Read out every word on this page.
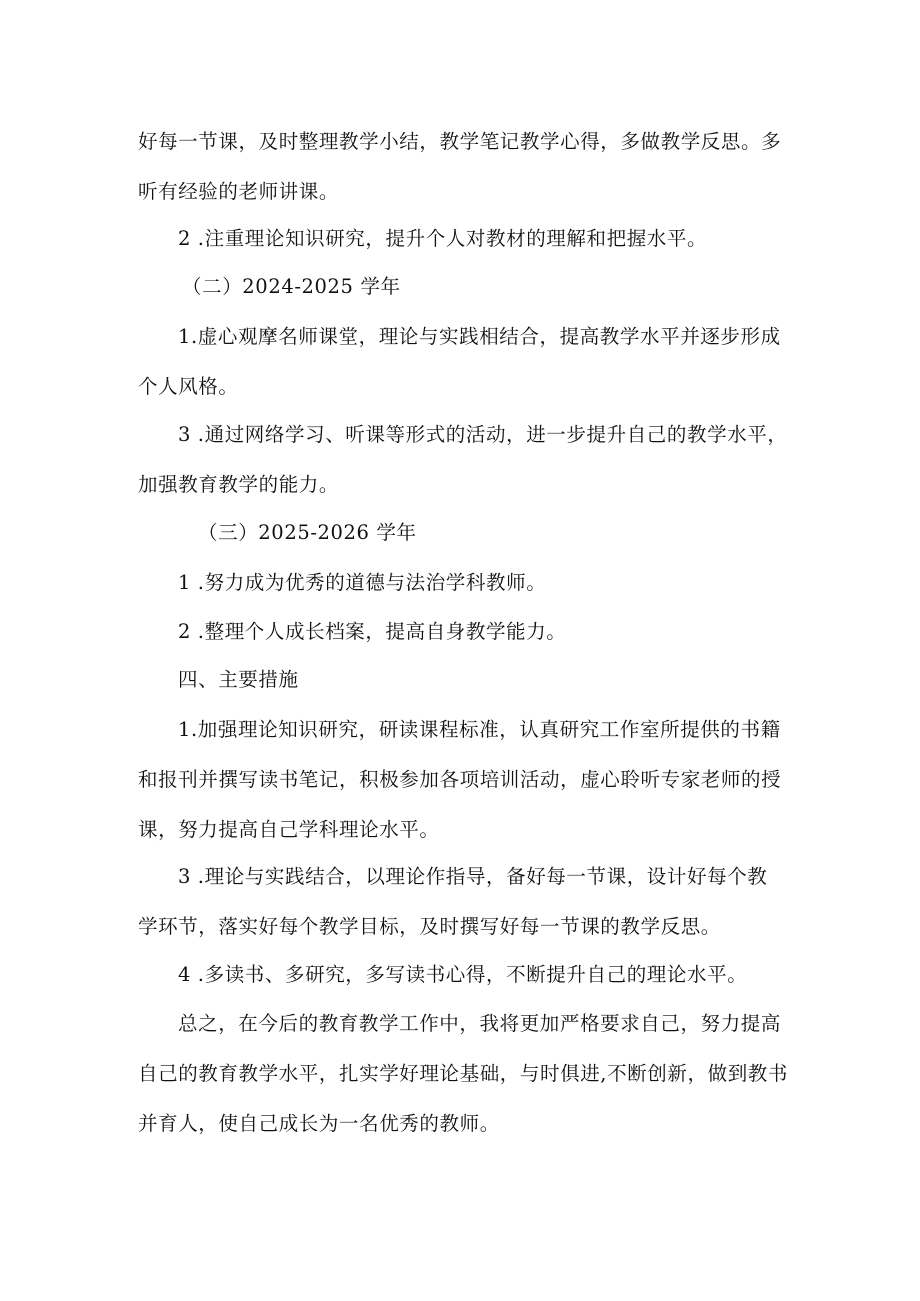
好每一节课，及时整理教学小结，教学笔记教学心得，多做教学反思。多
听有经验的老师讲课。

2 .注重理论知识研究，提升个人对教材的理解和把握水平。

（二）2024-2025 学年

1.虚心观摩名师课堂，理论与实践相结合，提高教学水平并逐步形成
个人风格。

3 .通过网络学习、听课等形式的活动，进一步提升自己的教学水平，
加强教育教学的能力。

（三）2025-2026 学年

1 .努力成为优秀的道德与法治学科教师。

2 .整理个人成长档案，提高自身教学能力。

四、主要措施

1.加强理论知识研究，研读课程标准，认真研究工作室所提供的书籍
和报刊并撰写读书笔记，积极参加各项培训活动，虚心聆听专家老师的授
课，努力提高自己学科理论水平。

3 .理论与实践结合，以理论作指导，备好每一节课，设计好每个教
学环节，落实好每个教学目标，及时撰写好每一节课的教学反思。

4 .多读书、多研究，多写读书心得，不断提升自己的理论水平。

总之，在今后的教育教学工作中，我将更加严格要求自己，努力提高
自己的教育教学水平，扎实学好理论基础，与时俱进,不断创新，做到教书
并育人，使自己成长为一名优秀的教师。
